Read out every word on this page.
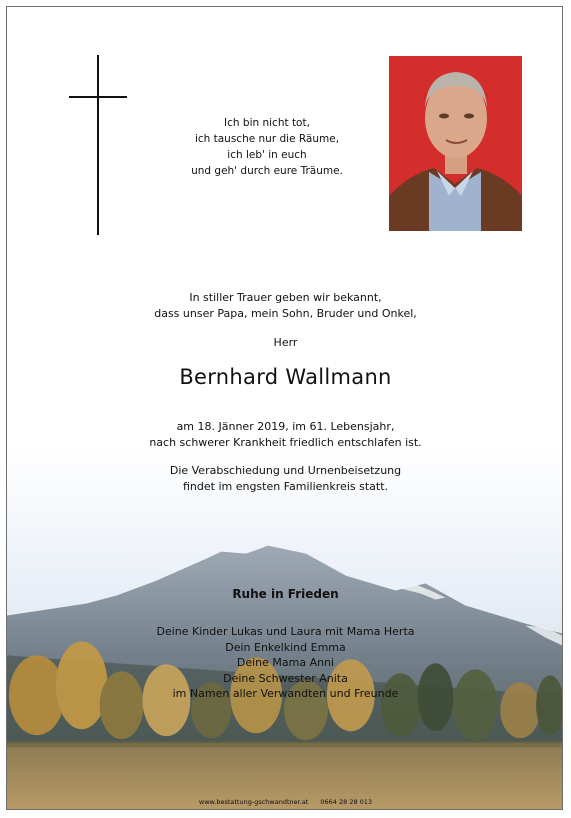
Ich bin nicht tot,
ich tausche nur die Räume,
ich leb' in euch
und geh' durch eure Träume.
In stiller Trauer geben wir bekannt,
dass unser Papa, mein Sohn, Bruder und Onkel,
Herr
Bernhard Wallmann
am 18. Jänner 2019, im 61. Lebensjahr,
nach schwerer Krankheit friedlich entschlafen ist.
Die Verabschiedung und Urnenbeisetzung
findet im engsten Familienkreis statt.
Ruhe in Frieden
Deine Kinder Lukas und Laura mit Mama Herta
Dein Enkelkind Emma
Deine Mama Anni
Deine Schwester Anita
im Namen aller Verwandten und Freunde
www.bestattung-gschwandtner.at 0664 28 28 013
